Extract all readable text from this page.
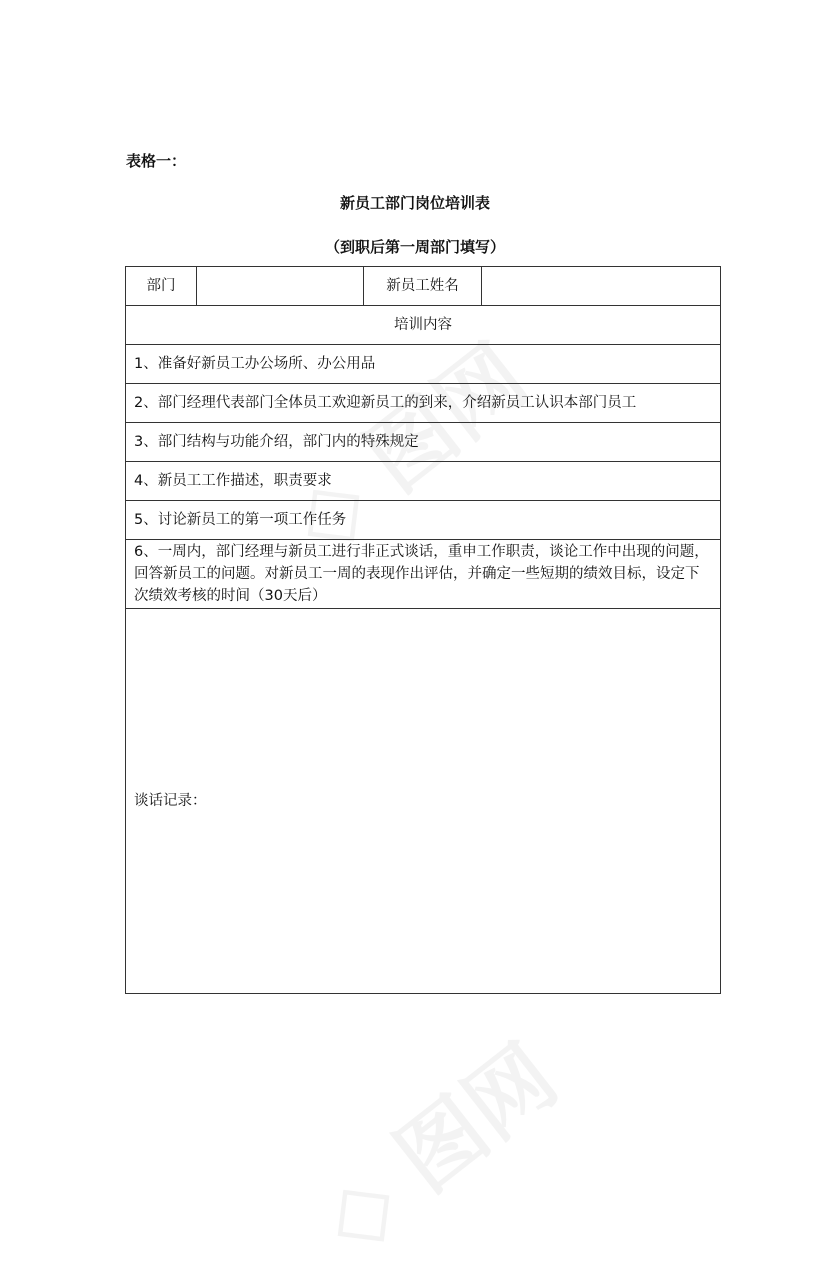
表格一：
新员工部门岗位培训表
（到职后第一周部门填写）
部门		新员工姓名	

培训内容
1、准备好新员工办公场所、办公用品
2、部门经理代表部门全体员工欢迎新员工的到来，介绍新员工认识本部门员工
3、部门结构与功能介绍，部门内的特殊规定
4、新员工工作描述，职责要求
5、讨论新员工的第一项工作任务
6、一周内，部门经理与新员工进行非正式谈话，重申工作职责，谈论工作中出现的问题，回答新员工的问题。对新员工一周的表现作出评估，并确定一些短期的绩效目标，设定下次绩效考核的时间（30天后）
谈话记录：
